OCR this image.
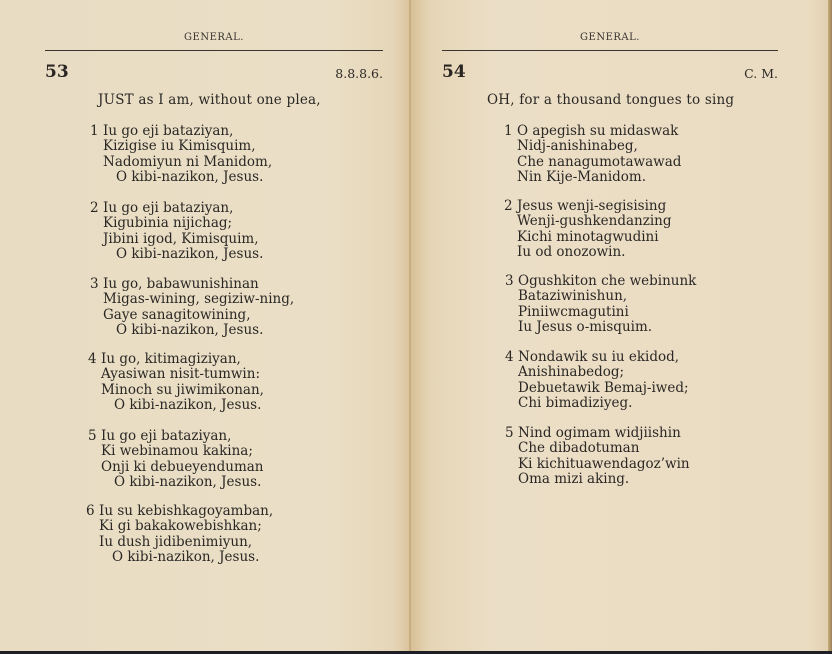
GENERAL.
53	8.8.8.6.
JUST as I am, without one plea,
1 Iu go eji bataziyan,
Kizigise iu Kimisquim,
Nadomiyun ni Manidom,
O kibi-nazikon, Jesus.
2 Iu go eji bataziyan,
Kigubinia nijichag;
Jibini igod, Kimisquim,
O kibi-nazikon, Jesus.
3 Iu go, babawunishinan
Migas-wining, segiziw-ning,
Gaye sanagitowining,
O kibi-nazikon, Jesus.
4 Iu go, kitimagiziyan,
Ayasiwan nisit-tumwin:
Minoch su jiwimikonan,
O kibi-nazikon, Jesus.
5 Iu go eji bataziyan,
Ki webinamou kakina;
Onji ki debueyenduman
O kibi-nazikon, Jesus.
6 Iu su kebishkagoyamban,
Ki gi bakakowebishkan;
Iu dush jidibenimiyun,
O kibi-nazikon, Jesus.
GENERAL.
54	C. M.
OH, for a thousand tongues to sing
1 O apegish su midaswak
Nidj-anishinabeg,
Che nanagumotawawad
Nin Kije-Manidom.
2 Jesus wenji-segisising
Wenji-gushkendanzing
Kichi minotagwudini
Iu od onozowin.
3 Ogushkiton che webinunk
Bataziwinishun,
Piniiwcmagutini
Iu Jesus o-misquim.
4 Nondawik su iu ekidod,
Anishinabedog;
Debuetawik Bemaj-iwed;
Chi bimadiziyeg.
5 Nind ogimam widjiishin
Che dibadotuman
Ki kichituawendagoz’win
Oma mizi aking.
